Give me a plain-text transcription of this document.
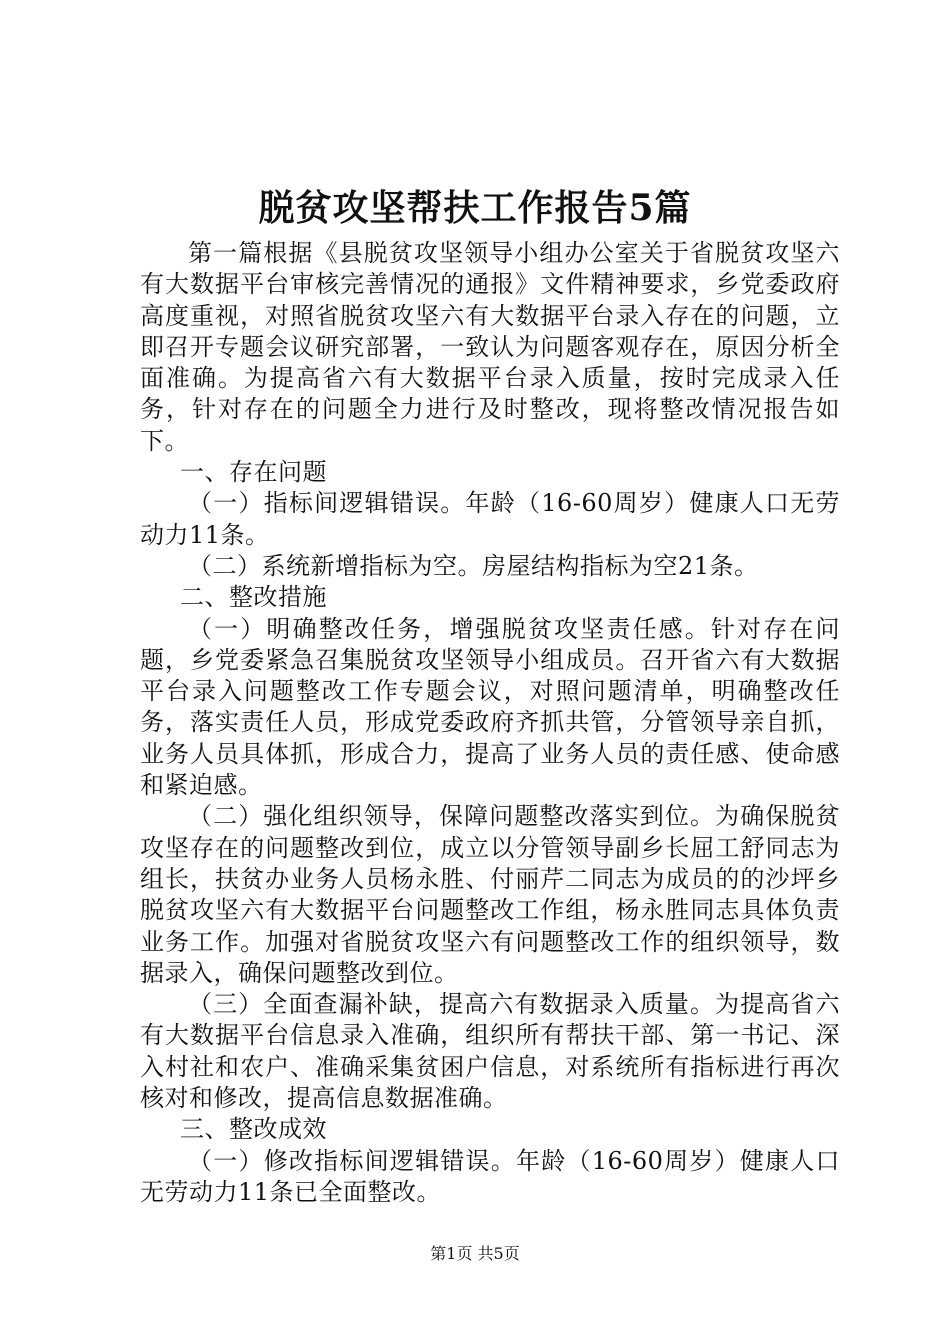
脱贫攻坚帮扶工作报告5篇

第一篇根据《县脱贫攻坚领导小组办公室关于省脱贫攻坚六有大数据平台审核完善情况的通报》文件精神要求，乡党委政府高度重视，对照省脱贫攻坚六有大数据平台录入存在的问题，立即召开专题会议研究部署，一致认为问题客观存在，原因分析全面准确。为提高省六有大数据平台录入质量，按时完成录入任务，针对存在的问题全力进行及时整改，现将整改情况报告如下。

一、存在问题

（一）指标间逻辑错误。年龄（16-60周岁）健康人口无劳动力11条。

（二）系统新增指标为空。房屋结构指标为空21条。

二、整改措施

（一）明确整改任务，增强脱贫攻坚责任感。针对存在问题，乡党委紧急召集脱贫攻坚领导小组成员。召开省六有大数据平台录入问题整改工作专题会议，对照问题清单，明确整改任务，落实责任人员，形成党委政府齐抓共管，分管领导亲自抓，业务人员具体抓，形成合力，提高了业务人员的责任感、使命感和紧迫感。

（二）强化组织领导，保障问题整改落实到位。为确保脱贫攻坚存在的问题整改到位，成立以分管领导副乡长屈工舒同志为组长，扶贫办业务人员杨永胜、付丽芹二同志为成员的的沙坪乡脱贫攻坚六有大数据平台问题整改工作组，杨永胜同志具体负责业务工作。加强对省脱贫攻坚六有问题整改工作的组织领导，数据录入，确保问题整改到位。

（三）全面查漏补缺，提高六有数据录入质量。为提高省六有大数据平台信息录入准确，组织所有帮扶干部、第一书记、深入村社和农户、准确采集贫困户信息，对系统所有指标进行再次核对和修改，提高信息数据准确。

三、整改成效

（一）修改指标间逻辑错误。年龄（16-60周岁）健康人口无劳动力11条已全面整改。

第1页 共5页
